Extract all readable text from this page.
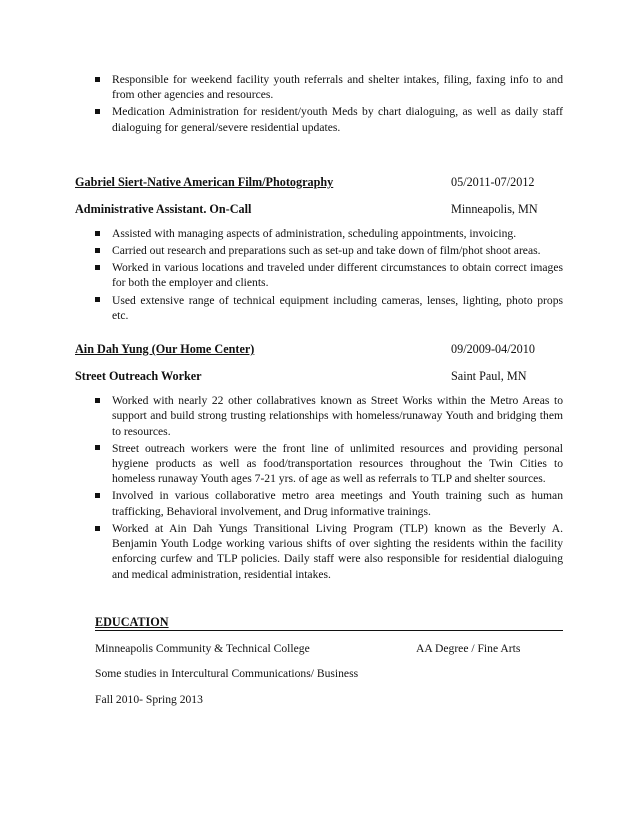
Responsible for weekend facility youth referrals and shelter intakes, filing, faxing info to and from other agencies and resources.
Medication Administration for resident/youth Meds by chart dialoguing, as well as daily staff dialoguing for general/severe residential updates.
Gabriel Siert-Native American Film/Photography	05/2011-07/2012
Administrative Assistant. On-Call	Minneapolis, MN
Assisted with managing aspects of administration, scheduling appointments, invoicing.
Carried out research and preparations such as set-up and take down of film/phot shoot areas.
Worked in various locations and traveled under different circumstances to obtain correct images for both the employer and clients.
Used extensive range of technical equipment including cameras, lenses, lighting, photo props etc.
Ain Dah Yung (Our Home Center)	09/2009-04/2010
Street Outreach Worker	Saint Paul, MN
Worked with nearly 22 other collabratives known as Street Works within the Metro Areas to support and build strong trusting relationships with homeless/runaway Youth and bridging them to resources.
Street outreach workers were the front line of unlimited resources and providing personal hygiene products as well as food/transportation resources throughout the Twin Cities to homeless runaway Youth ages 7-21 yrs. of age as well as referrals to TLP and shelter sources.
Involved in various collaborative metro area meetings and Youth training such as human trafficking, Behavioral involvement, and Drug informative trainings.
Worked at Ain Dah Yungs Transitional Living Program (TLP) known as the Beverly A. Benjamin Youth Lodge working various shifts of over sighting the residents within the facility enforcing curfew and TLP policies. Daily staff were also responsible for residential dialoguing and medical administration, residential intakes.
EDUCATION
Minneapolis Community & Technical College	AA Degree / Fine Arts
Some studies in Intercultural Communications/ Business
Fall 2010- Spring 2013
